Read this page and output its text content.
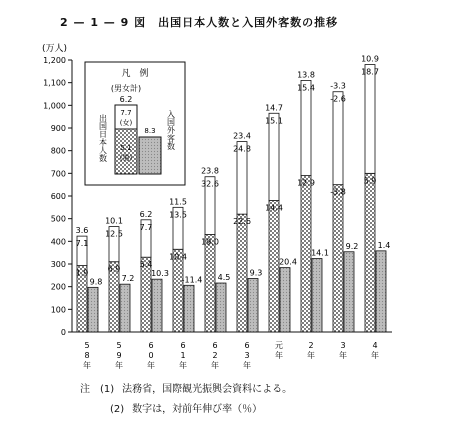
2 — 1 — 9 図　出国日本人数と入国外客数の推移
(万人)
0
100
200
300
400
500
600
700
800
900
1,000
1,100
1,200
5 8 年
5 9 年
6 0 年
6 1 年
6 2 年
6 3 年
元年
2 年
3 年
4 年
3.6
7.1
1.9
9.8
10.1
12.5
6.9
7.2
6.2
7.7
5.4
10.3
11.5
13.5
10.4
-11.4
23.8
32.6
19.0
4.5
23.4
24.8
22.6
9.3
14.7
15.1
14.4
20.4
13.8
15.4
12.9
14.1
-3.3
-2.6
-3.8
9.2
10.9
18.7
5.9
1.4
凡　例
(男女計)
6.2
7.7
(女)
5.1
(男)
8.3
出国日本人数	入国外客数
注　(1) 法務省，国際観光振興会資料による。
(2) 数字は，対前年伸び率（％）
